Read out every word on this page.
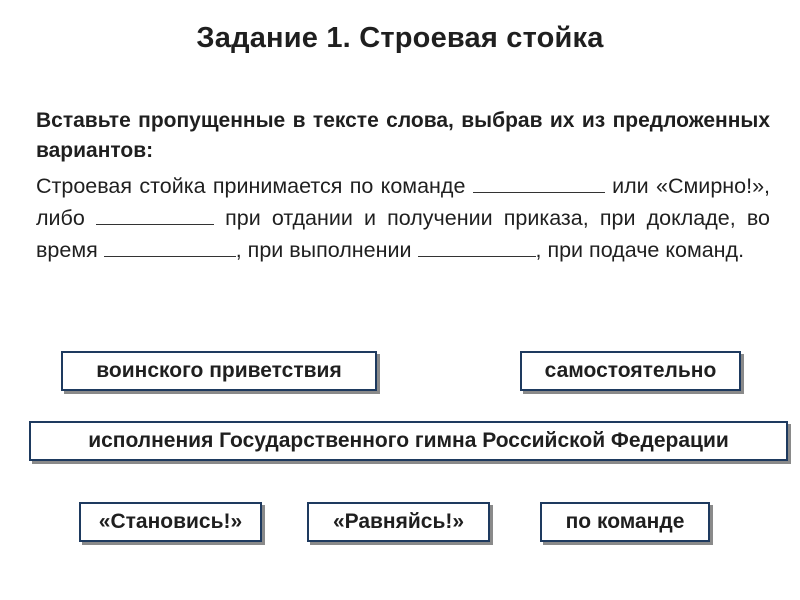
Задание 1. Строевая стойка
Вставьте пропущенные в тексте слова, выбрав их из предложенных вариантов:
Строевая стойка принимается по команде	или «Смирно!», либо	при отдании и получении приказа, при докладе, во время	, при выполнении	, при подаче команд.
воинского приветствия	самостоятельно
исполнения Государственного гимна Российской Федерации
«Становись!»	«Равняйсь!»	по команде
